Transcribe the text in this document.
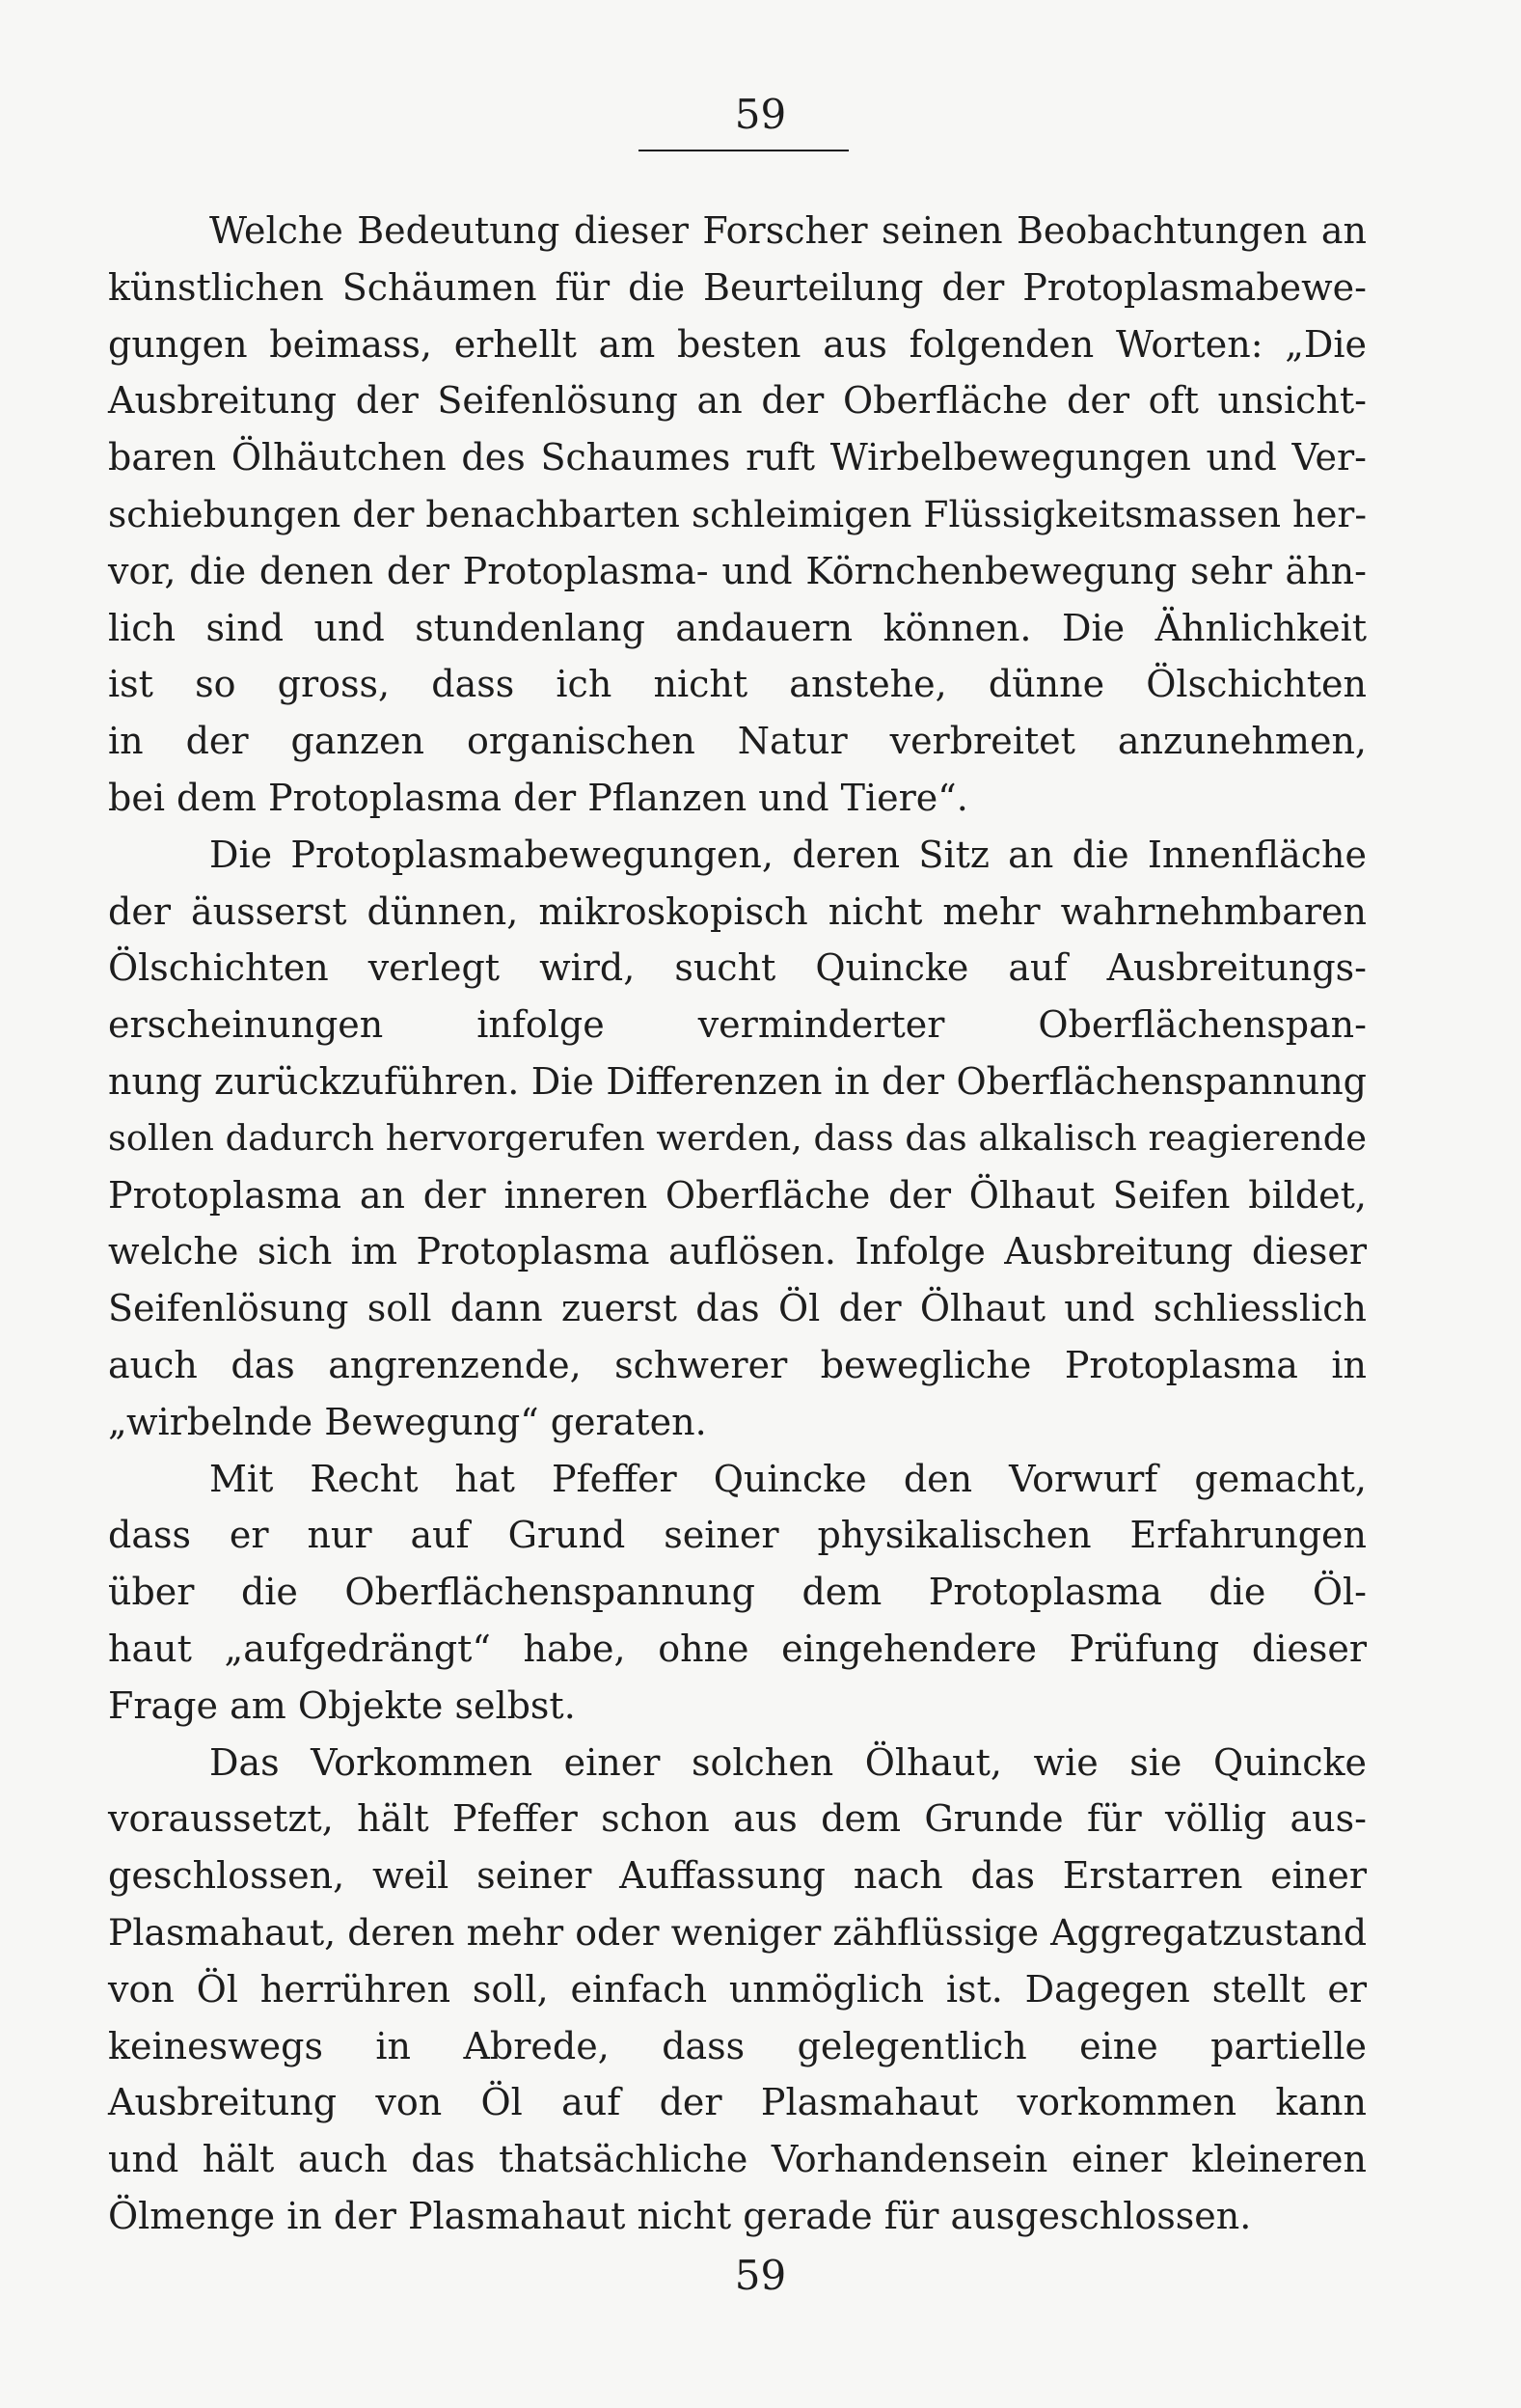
59
Welche Bedeutung dieser Forscher seinen Beobachtungen an
künstlichen Schäumen für die Beurteilung der Protoplasmabewe-
gungen beimass, erhellt am besten aus folgenden Worten: „Die
Ausbreitung der Seifenlösung an der Oberfläche der oft unsicht-
baren Ölhäutchen des Schaumes ruft Wirbelbewegungen und Ver-
schiebungen der benachbarten schleimigen Flüssigkeitsmassen her-
vor, die denen der Protoplasma- und Körnchenbewegung sehr ähn-
lich sind und stundenlang andauern können. Die Ähnlichkeit
ist so gross, dass ich nicht anstehe, dünne Ölschichten
in der ganzen organischen Natur verbreitet anzunehmen,
bei dem Protoplasma der Pflanzen und Tiere“.
Die Protoplasmabewegungen, deren Sitz an die Innenfläche
der äusserst dünnen, mikroskopisch nicht mehr wahrnehmbaren
Ölschichten verlegt wird, sucht Quincke auf Ausbreitungs-
erscheinungen infolge verminderter Oberflächenspan-
nung zurückzuführen. Die Differenzen in der Oberflächenspannung
sollen dadurch hervorgerufen werden, dass das alkalisch reagierende
Protoplasma an der inneren Oberfläche der Ölhaut Seifen bildet,
welche sich im Protoplasma auflösen. Infolge Ausbreitung dieser
Seifenlösung soll dann zuerst das Öl der Ölhaut und schliesslich
auch das angrenzende, schwerer bewegliche Protoplasma in
„wirbelnde Bewegung“ geraten.
Mit Recht hat Pfeffer Quincke den Vorwurf gemacht,
dass er nur auf Grund seiner physikalischen Erfahrungen
über die Oberflächenspannung dem Protoplasma die Öl-
haut „aufgedrängt“ habe, ohne eingehendere Prüfung dieser
Frage am Objekte selbst.
Das Vorkommen einer solchen Ölhaut, wie sie Quincke
voraussetzt, hält Pfeffer schon aus dem Grunde für völlig aus-
geschlossen, weil seiner Auffassung nach das Erstarren einer
Plasmahaut, deren mehr oder weniger zähflüssige Aggregatzustand
von Öl herrühren soll, einfach unmöglich ist. Dagegen stellt er
keineswegs in Abrede, dass gelegentlich eine partielle
Ausbreitung von Öl auf der Plasmahaut vorkommen kann
und hält auch das thatsächliche Vorhandensein einer kleineren
Ölmenge in der Plasmahaut nicht gerade für ausgeschlossen.
59
